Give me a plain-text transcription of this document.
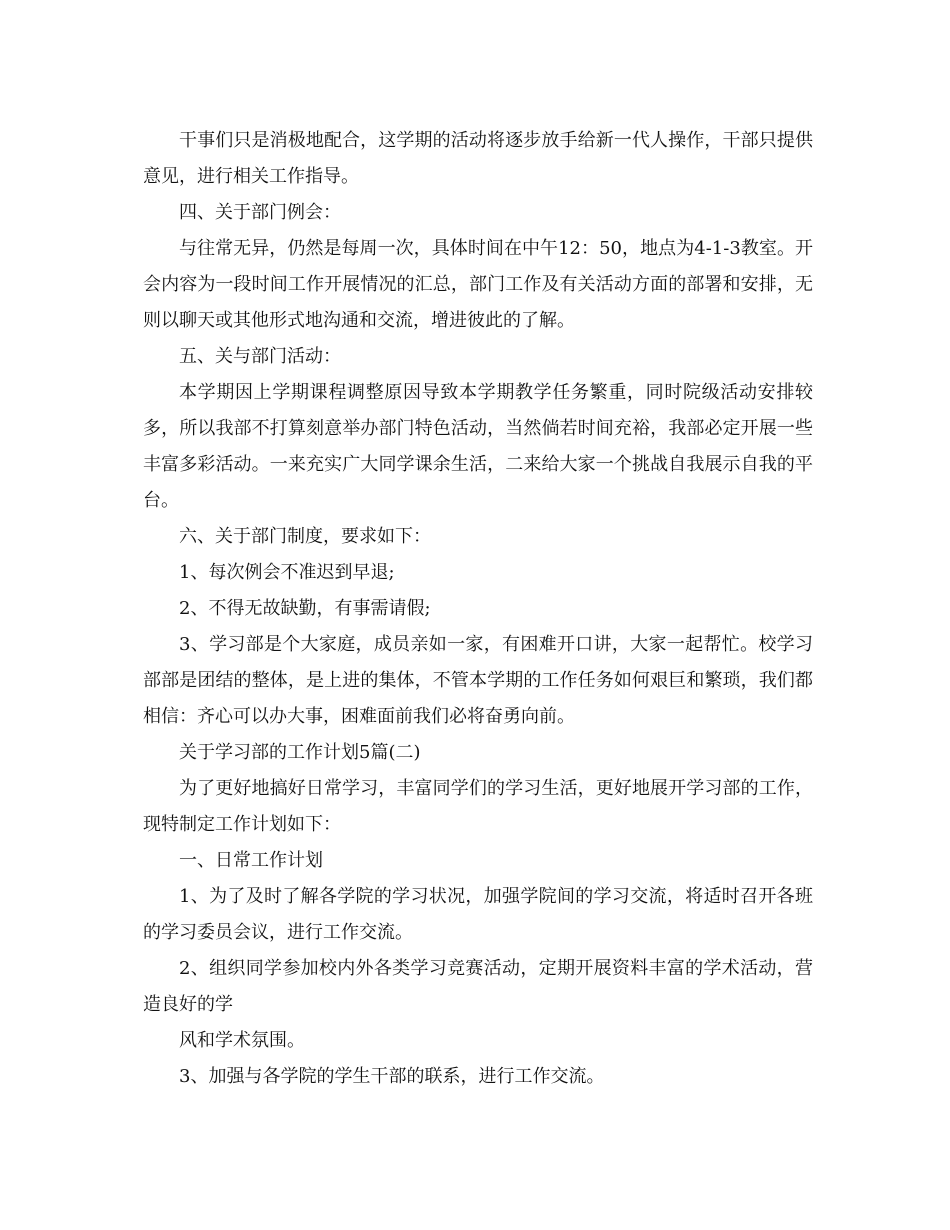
干事们只是消极地配合，这学期的活动将逐步放手给新一代人操作，干部只提供意见，进行相关工作指导。

四、关于部门例会：

与往常无异，仍然是每周一次，具体时间在中午12：50，地点为4-1-3教室。开会内容为一段时间工作开展情况的汇总，部门工作及有关活动方面的部署和安排，无则以聊天或其他形式地沟通和交流，增进彼此的了解。

五、关与部门活动：

本学期因上学期课程调整原因导致本学期教学任务繁重，同时院级活动安排较多，所以我部不打算刻意举办部门特色活动，当然倘若时间充裕，我部必定开展一些丰富多彩活动。一来充实广大同学课余生活，二来给大家一个挑战自我展示自我的平台。

六、关于部门制度，要求如下：

1、每次例会不准迟到早退;

2、不得无故缺勤，有事需请假;

3、学习部是个大家庭，成员亲如一家，有困难开口讲，大家一起帮忙。校学习部部是团结的整体，是上进的集体，不管本学期的工作任务如何艰巨和繁琐，我们都相信：齐心可以办大事，困难面前我们必将奋勇向前。

关于学习部的工作计划5篇(二)

为了更好地搞好日常学习，丰富同学们的学习生活，更好地展开学习部的工作，现特制定工作计划如下：

一、日常工作计划

1、为了及时了解各学院的学习状况，加强学院间的学习交流，将适时召开各班的学习委员会议，进行工作交流。

2、组织同学参加校内外各类学习竞赛活动，定期开展资料丰富的学术活动，营造良好的学

风和学术氛围。

3、加强与各学院的学生干部的联系，进行工作交流。
